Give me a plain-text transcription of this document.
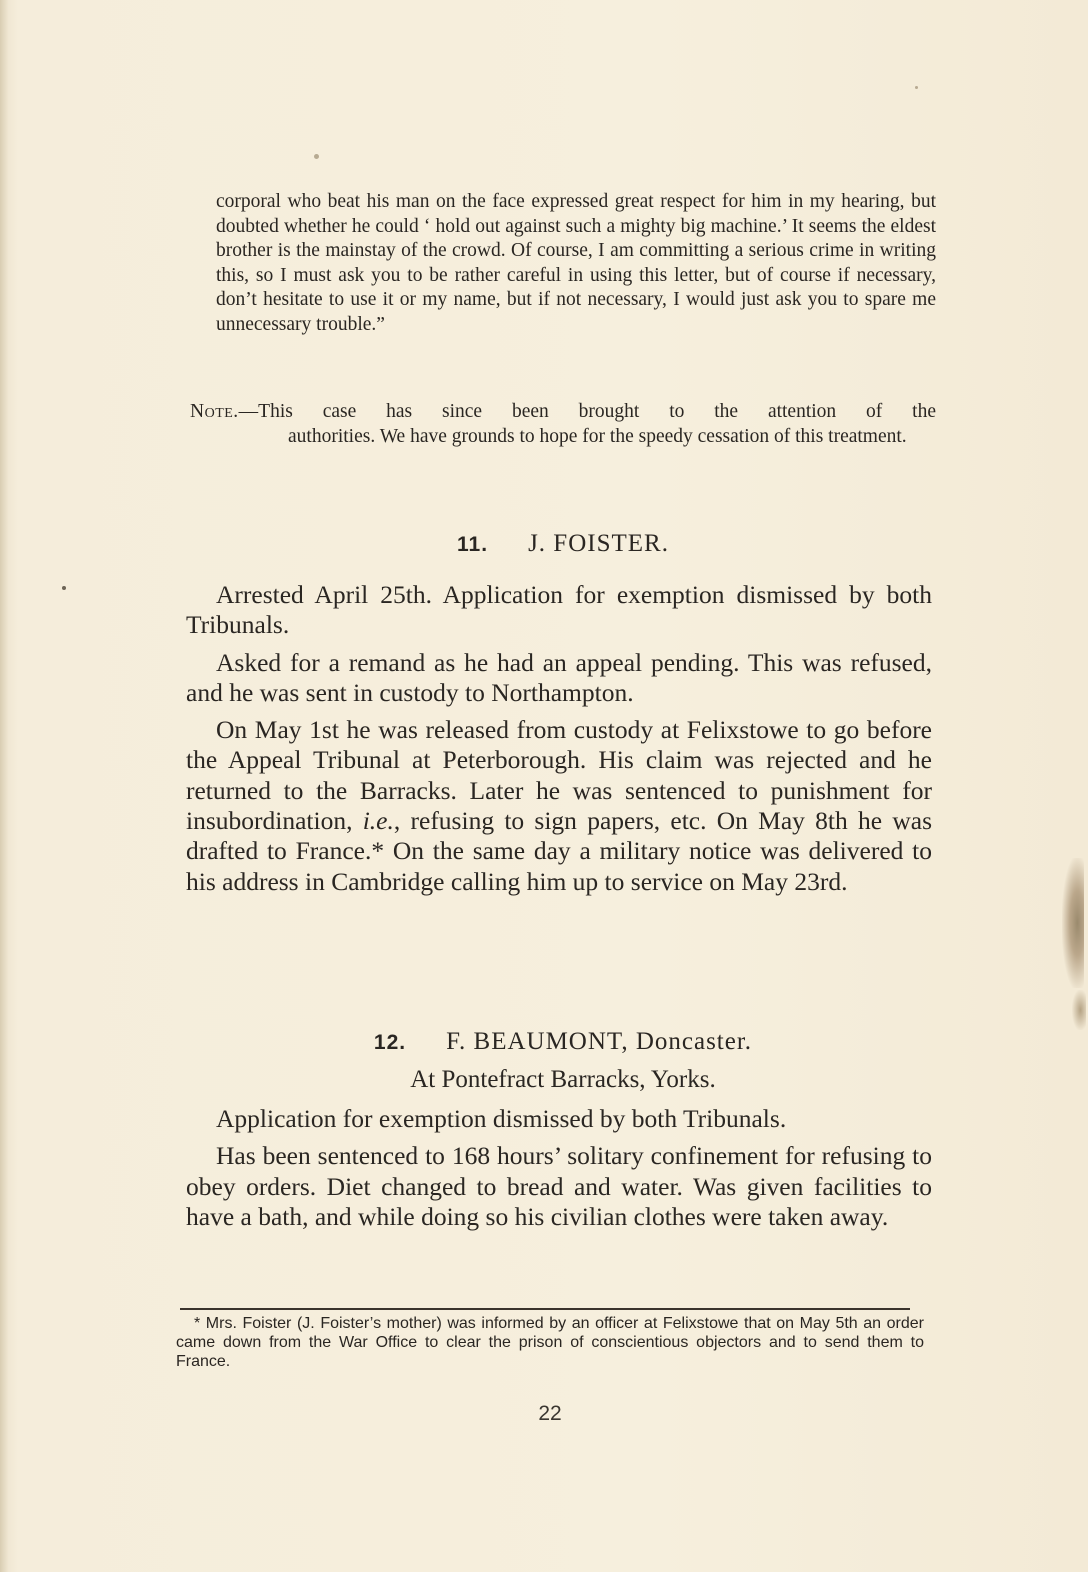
corporal who beat his man on the face expressed great respect for him in my hearing, but doubted whether he could ‘ hold out against such a mighty big machine.’ It seems the eldest brother is the mainstay of the crowd. Of course, I am committing a serious crime in writing this, so I must ask you to be rather careful in using this letter, but of course if necessary, don’t hesitate to use it or my name, but if not necessary, I would just ask you to spare me unnecessary trouble.”

Note.—This case has since been brought to the attention of the
authorities. We have grounds to hope for the speedy cessation of this treatment.
11. J. FOISTER.

Arrested April 25th. Application for exemption dismissed by both Tribunals.

Asked for a remand as he had an appeal pending. This was refused, and he was sent in custody to Northampton.

On May 1st he was released from custody at Felixstowe to go before the Appeal Tribunal at Peterborough. His claim was rejected and he returned to the Barracks. Later he was sentenced to punishment for insubordination, i.e., refusing to sign papers, etc. On May 8th he was drafted to France.* On the same day a military notice was delivered to his address in Cambridge calling him up to service on May 23rd.

12. F. BEAUMONT, Doncaster.
At Pontefract Barracks, Yorks.

Application for exemption dismissed by both Tribunals.

Has been sentenced to 168 hours’ solitary confinement for refusing to obey orders. Diet changed to bread and water. Was given facilities to have a bath, and while doing so his civilian clothes were taken away.

* Mrs. Foister (J. Foister’s mother) was informed by an officer at Felixstowe that on May 5th an order came down from the War Office to clear the prison of conscientious objectors and to send them to France.

22
